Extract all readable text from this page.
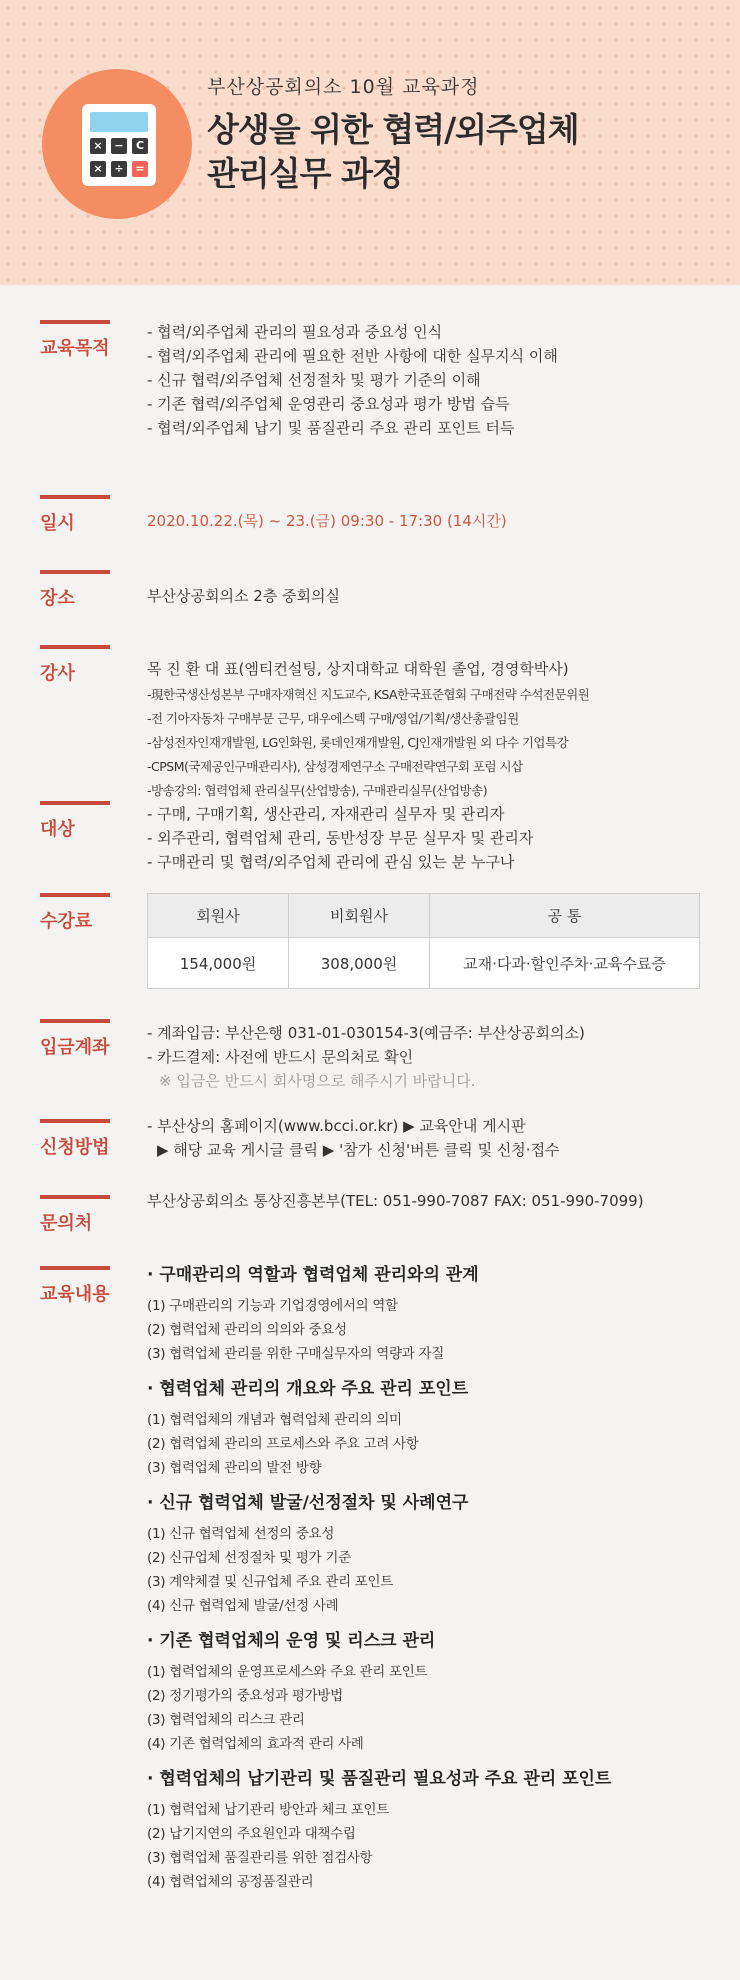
×	−	C
×	÷	=
부산상공회의소 10월 교육과정
상생을 위한 협력/외주업체
관리실무 과정
교육목적
- 협력/외주업체 관리의 필요성과 중요성 인식
- 협력/외주업체 관리에 필요한 전반 사항에 대한 실무지식 이해
- 신규 협력/외주업체 선정절차 및 평가 기준의 이해
- 기존 협력/외주업체 운영관리 중요성과 평가 방법 습득
- 협력/외주업체 납기 및 품질관리 주요 관리 포인트 터득
일시	2020.10.22.(목) ~ 23.(금) 09:30 - 17:30 (14시간)
장소	부산상공회의소 2층 중회의실
강사	목 진 환 대 표(엠티컨설팅, 상지대학교 대학원 졸업, 경영학박사)
-現한국생산성본부 구매자재혁신 지도교수, KSA한국표준협회 구매전략 수석전문위원
-전 기아자동차 구매부문 근무, 대우에스텍 구매/영업/기획/생산총괄임원
-삼성전자인재개발원, LG인화원, 롯데인재개발원, CJ인재개발원 외 다수 기업특강
-CPSM(국제공인구매관리사), 삼성경제연구소 구매전략연구회 포럼 시삽
-방송강의: 협력업체 관리실무(산업방송), 구매관리실무(산업방송)
대상
- 구매, 구매기획, 생산관리, 자재관리 실무자 및 관리자
- 외주관리, 협력업체 관리, 동반성장 부문 실무자 및 관리자
- 구매관리 및 협력/외주업체 관리에 관심 있는 분 누구나
수강료	회원사	비회원사	공 통
154,000원	308,000원	교재·다과·할인주차·교육수료증
입금계좌
- 계좌입금: 부산은행 031-01-030154-3(예금주: 부산상공회의소)
- 카드결제: 사전에 반드시 문의처로 확인
※ 입금은 반드시 회사명으로 해주시기 바랍니다.
신청방법
- 부산상의 홈페이지(www.bcci.or.kr) ▶ 교육안내 게시판
▶ 해당 교육 게시글 클릭 ▶ '참가 신청'버튼 클릭 및 신청·접수
문의처
부산상공회의소 통상진흥본부(TEL: 051-990-7087 FAX: 051-990-7099)
교육내용
· 구매관리의 역할과 협력업체 관리와의 관계
(1) 구매관리의 기능과 기업경영에서의 역할
(2) 협력업체 관리의 의의와 중요성
(3) 협력업체 관리를 위한 구매실무자의 역량과 자질
· 협력업체 관리의 개요와 주요 관리 포인트
(1) 협력업체의 개념과 협력업체 관리의 의미
(2) 협력업체 관리의 프로세스와 주요 고려 사항
(3) 협력업체 관리의 발전 방향
· 신규 협력업체 발굴/선정절차 및 사례연구
(1) 신규 협력업체 선정의 중요성
(2) 신규업체 선정절차 및 평가 기준
(3) 계약체결 및 신규업체 주요 관리 포인트
(4) 신규 협력업체 발굴/선정 사례
· 기존 협력업체의 운영 및 리스크 관리
(1) 협력업체의 운영프로세스와 주요 관리 포인트
(2) 정기평가의 중요성과 평가방법
(3) 협력업체의 리스크 관리
(4) 기존 협력업체의 효과적 관리 사례
· 협력업체의 납기관리 및 품질관리 필요성과 주요 관리 포인트
(1) 협력업체 납기관리 방안과 체크 포인트
(2) 납기지연의 주요원인과 대책수립
(3) 협력업체 품질관리를 위한 점검사항
(4) 협력업체의 공정품질관리
